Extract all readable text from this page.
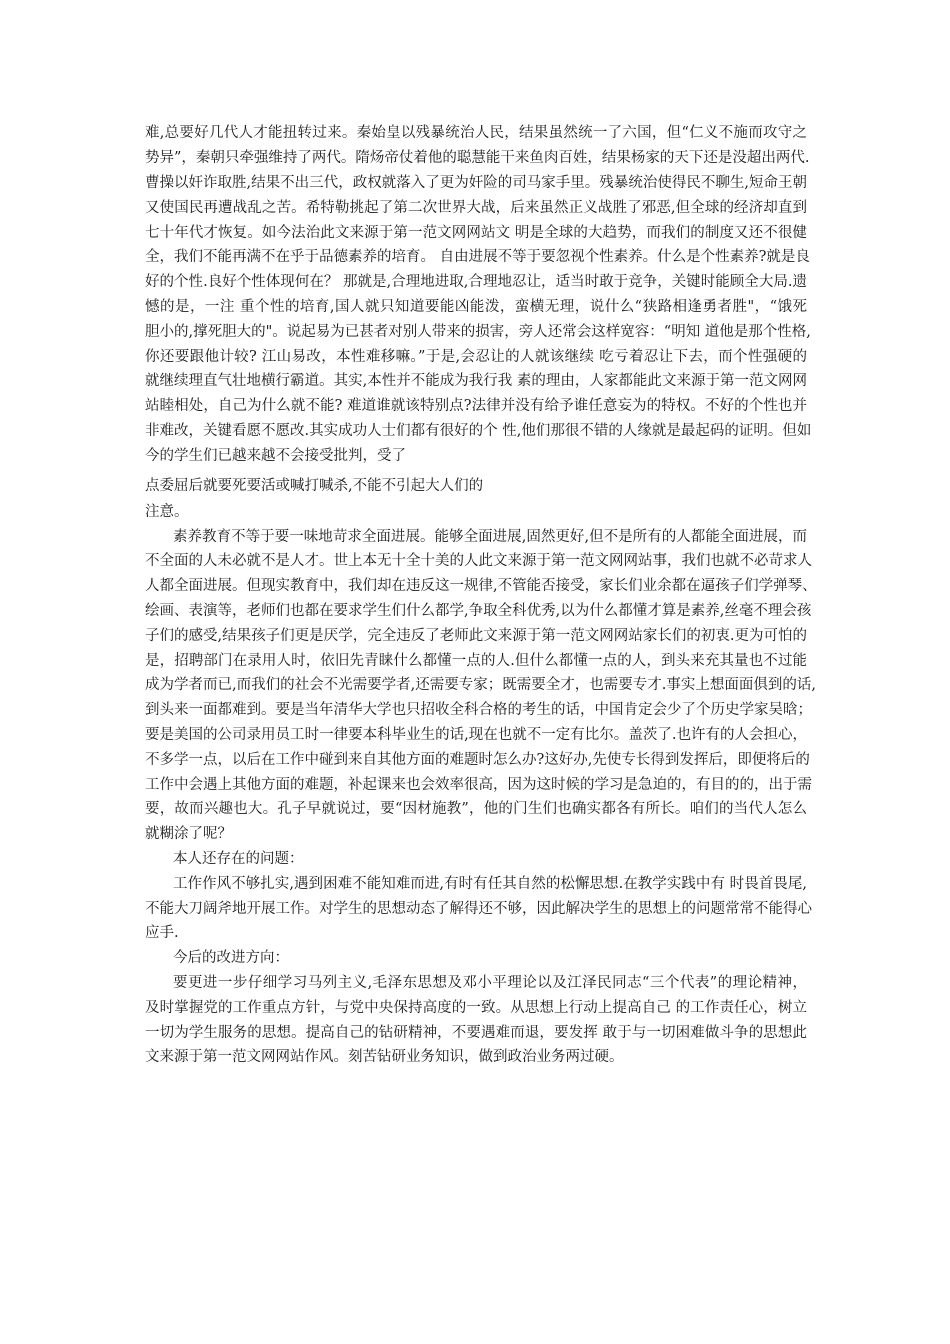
难,总要好几代人才能扭转过来。秦始皇以残暴统治人民，结果虽然统一了六国，但“仁义不施而攻守之
势异”，秦朝只牵强维持了两代。隋炀帝仗着他的聪慧能干来鱼肉百姓，结果杨家的天下还是没超出两代.
曹操以奸诈取胜,结果不出三代，政权就落入了更为奸险的司马家手里。残暴统治使得民不聊生,短命王朝
又使国民再遭战乱之苦。希特勒挑起了第二次世界大战，后来虽然正义战胜了邪恶,但全球的经济却直到
七十年代才恢复。如今法治此文来源于第一范文网网站文 明是全球的大趋势，而我们的制度又还不很健
全，我们不能再满不在乎于品德素养的培育。 自由进展不等于要忽视个性素养。什么是个性素养?就是良
好的个性.良好个性体现何在？ 那就是,合理地进取,合理地忍让，适当时敢于竞争，关键时能顾全大局.遗
憾的是，一注 重个性的培育,国人就只知道要能凶能泼，蛮横无理，说什么“狭路相逢勇者胜"，“饿死
胆小的,撑死胆大的"。说起易为已甚者对别人带来的损害，旁人还常会这样宽容：“明知 道他是那个性格,
你还要跟他计较? 江山易改，本性难移嘛。”于是,会忍让的人就该继续 吃亏着忍让下去，而个性强硬的
就继续理直气壮地横行霸道。其实,本性并不能成为我行我 素的理由，人家都能此文来源于第一范文网网
站睦相处，自己为什么就不能? 难道谁就该特别点?法律并没有给予谁任意妄为的特权。不好的个性也并
非难改，关键看愿不愿改.其实成功人士们都有很好的个 性,他们那很不错的人缘就是最起码的证明。但如
今的学生们已越来越不会接受批判，受了
点委屈后就要死要活或喊打喊杀,不能不引起大人们的
注意。
素养教育不等于要一味地苛求全面进展。能够全面进展,固然更好,但不是所有的人都能全面进展，而
不全面的人未必就不是人才。世上本无十全十美的人此文来源于第一范文网网站事，我们也就不必苛求人
人都全面进展。但现实教育中，我们却在违反这一规律,不管能否接受，家长们业余都在逼孩子们学弹琴、
绘画、表演等，老师们也都在要求学生们什么都学,争取全科优秀,以为什么都懂才算是素养,丝毫不理会孩
子们的感受,结果孩子们更是厌学，完全违反了老师此文来源于第一范文网网站家长们的初衷.更为可怕的
是，招聘部门在录用人时，依旧先青睐什么都懂一点的人.但什么都懂一点的人，到头来充其量也不过能
成为学者而已,而我们的社会不光需要学者,还需要专家；既需要全才，也需要专才.事实上想面面俱到的话,
到头来一面都难到。要是当年清华大学也只招收全科合格的考生的话，中国肯定会少了个历史学家吴晗；
要是美国的公司录用员工时一律要本科毕业生的话,现在也就不一定有比尔。盖茨了.也许有的人会担心，
不多学一点，以后在工作中碰到来自其他方面的难题时怎么办?这好办,先使专长得到发挥后，即便将后的
工作中会遇上其他方面的难题，补起课来也会效率很高，因为这时候的学习是急迫的，有目的的，出于需
要，故而兴趣也大。孔子早就说过，要“因材施教”，他的门生们也确实都各有所长。咱们的当代人怎么
就糊涂了呢？
本人还存在的问题：
工作作风不够扎实,遇到困难不能知难而进,有时有任其自然的松懈思想.在教学实践中有 时畏首畏尾,
不能大刀阔斧地开展工作。对学生的思想动态了解得还不够，因此解决学生的思想上的问题常常不能得心
应手.
今后的改进方向：
要更进一步仔细学习马列主义,毛泽东思想及邓小平理论以及江泽民同志“三个代表”的理论精神，
及时掌握党的工作重点方针，与党中央保持高度的一致。从思想上行动上提高自己 的工作责任心，树立
一切为学生服务的思想。提高自己的钻研精神，不要遇难而退，要发挥 敢于与一切困难做斗争的思想此
文来源于第一范文网网站作风。刻苦钻研业务知识，做到政治业务两过硬。
